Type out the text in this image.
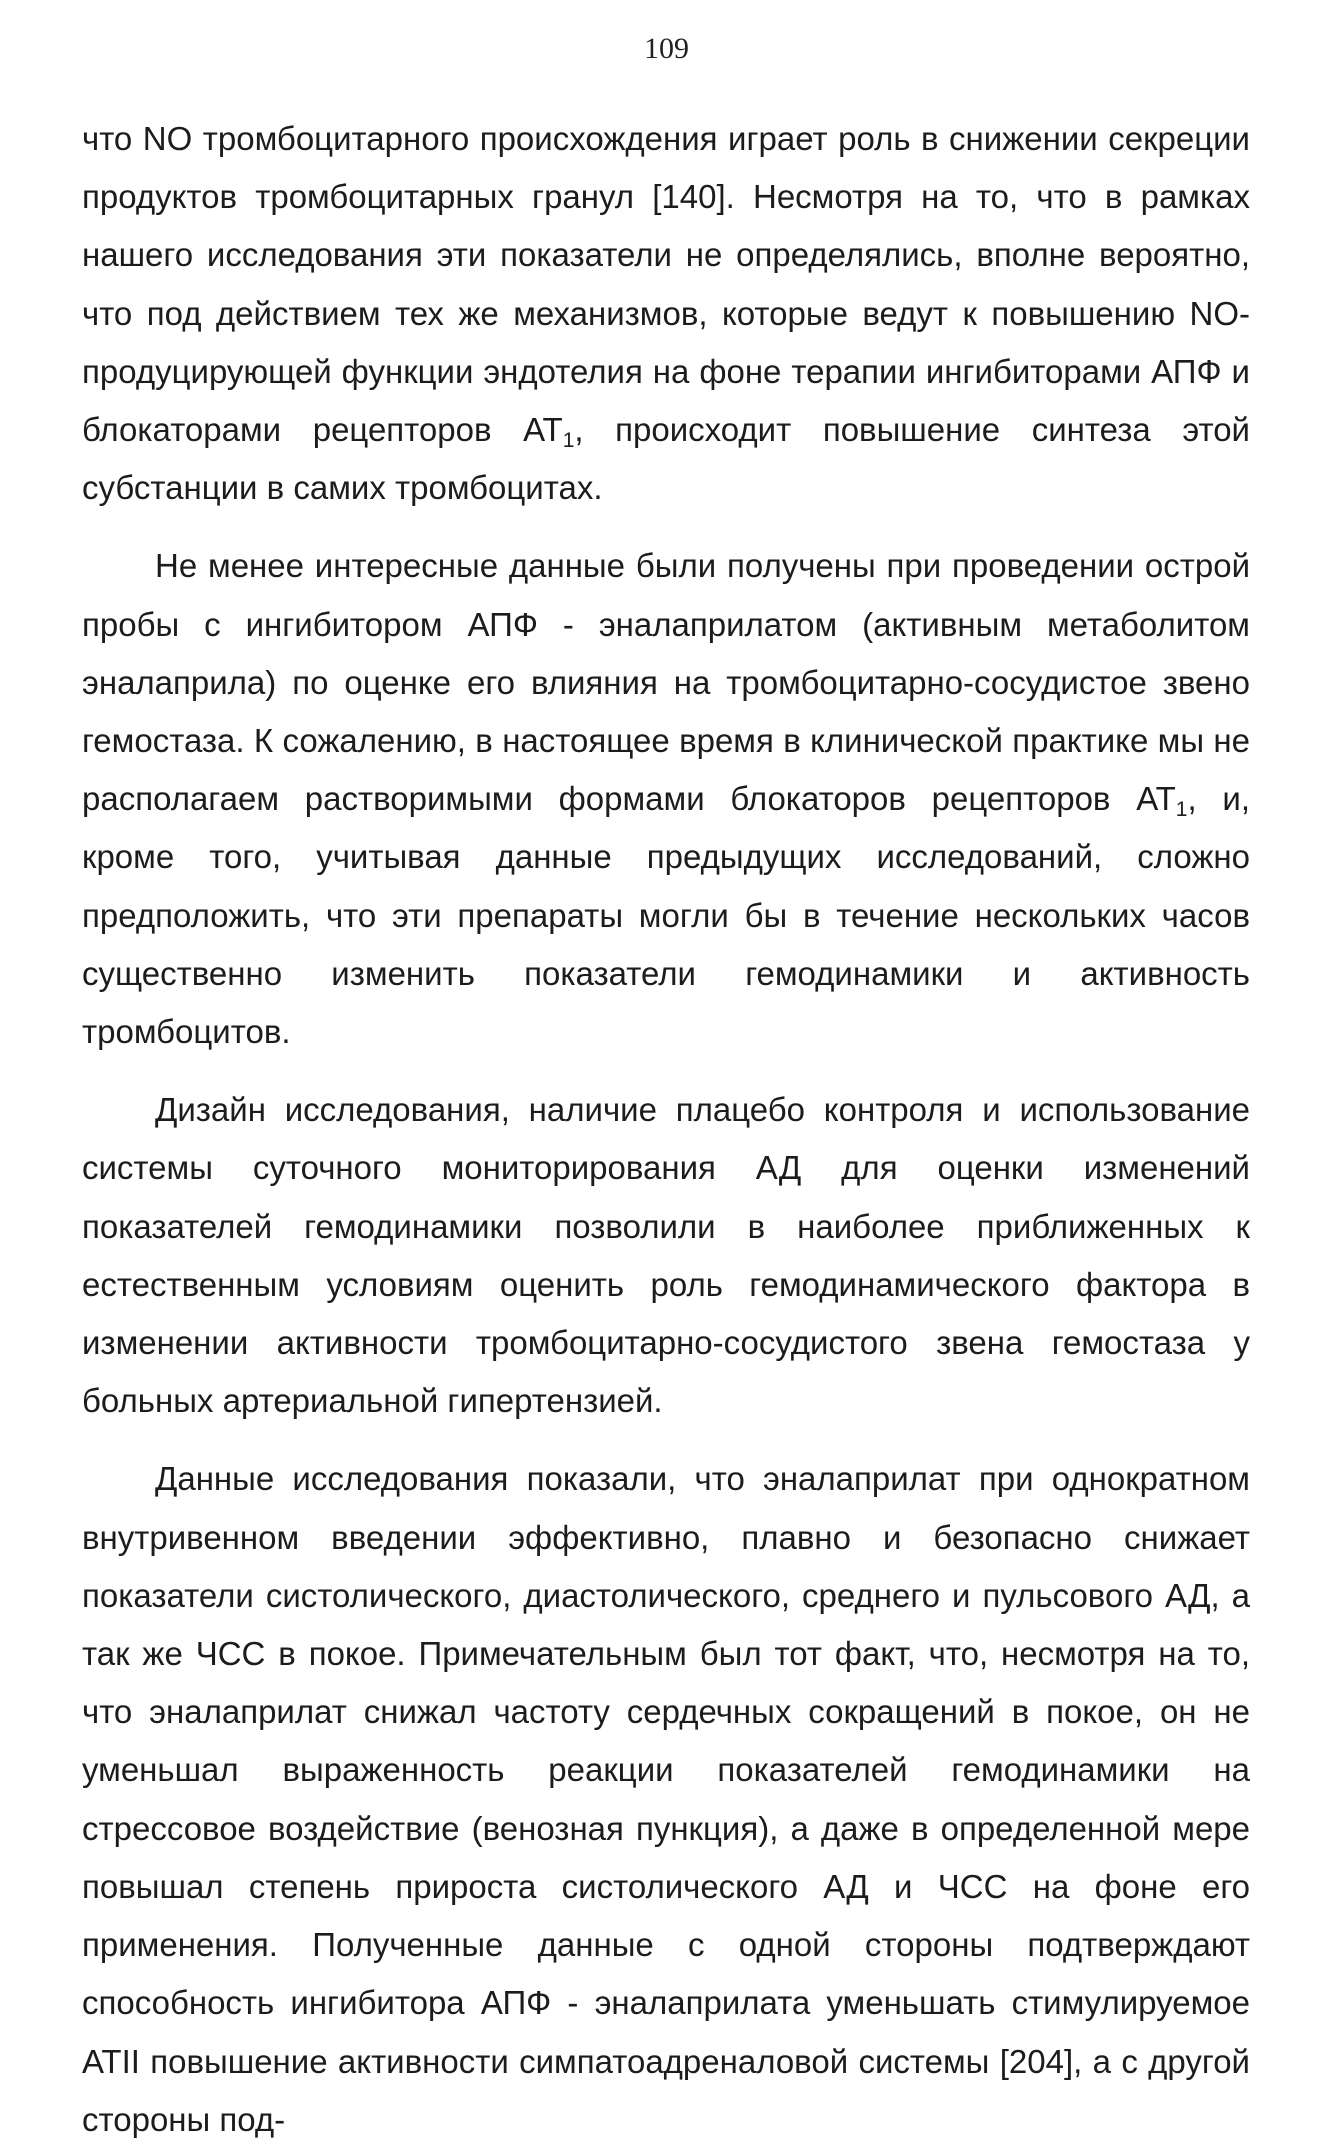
109

что NO тромбоцитарного происхождения играет роль в снижении секреции продуктов тромбоцитарных гранул [140]. Несмотря на то, что в рамках нашего исследования эти показатели не определялись, вполне вероятно, что под действием тех же механизмов, которые ведут к повышению NO-продуцирующей функции эндотелия на фоне терапии ингибиторами АПФ и блокаторами рецепторов $АТ_1$, происходит повышение синтеза этой субстанции в самих тромбоцитах.

Не менее интересные данные были получены при проведении острой пробы с ингибитором АПФ - эналаприлатом (активным метаболитом эналаприла) по оценке его влияния на тромбоцитарно-сосудистое звено гемостаза. К сожалению, в настоящее время в клинической практике мы не располагаем растворимыми формами блокаторов рецепторов $АТ_1$, и, кроме того, учитывая данные предыдущих исследований, сложно предположить, что эти препараты могли бы в течение нескольких часов существенно изменить показатели гемодинамики и активность тромбоцитов.

Дизайн исследования, наличие плацебо контроля и использование системы суточного мониторирования АД для оценки изменений показателей гемодинамики позволили в наиболее приближенных к естественным условиям оценить роль гемодинамического фактора в изменении активности тромбоцитарно-сосудистого звена гемостаза у больных артериальной гипертензией.

Данные исследования показали, что эналаприлат при однократном внутривенном введении эффективно, плавно и безопасно снижает показатели систолического, диастолического, среднего и пульсового АД, а так же ЧСС в покое. Примечательным был тот факт, что, несмотря на то, что эналаприлат снижал частоту сердечных сокращений в покое, он не уменьшал выраженность реакции показателей гемодинамики на стрессовое воздействие (венозная пункция), а даже в определенной мере повышал степень прироста систолического АД и ЧСС на фоне его применения. Полученные данные с одной стороны подтверждают способность ингибитора АПФ - эналаприлата уменьшать стимулируемое АТII повышение активности симпатоадреналовой системы [204], а с другой стороны под-
